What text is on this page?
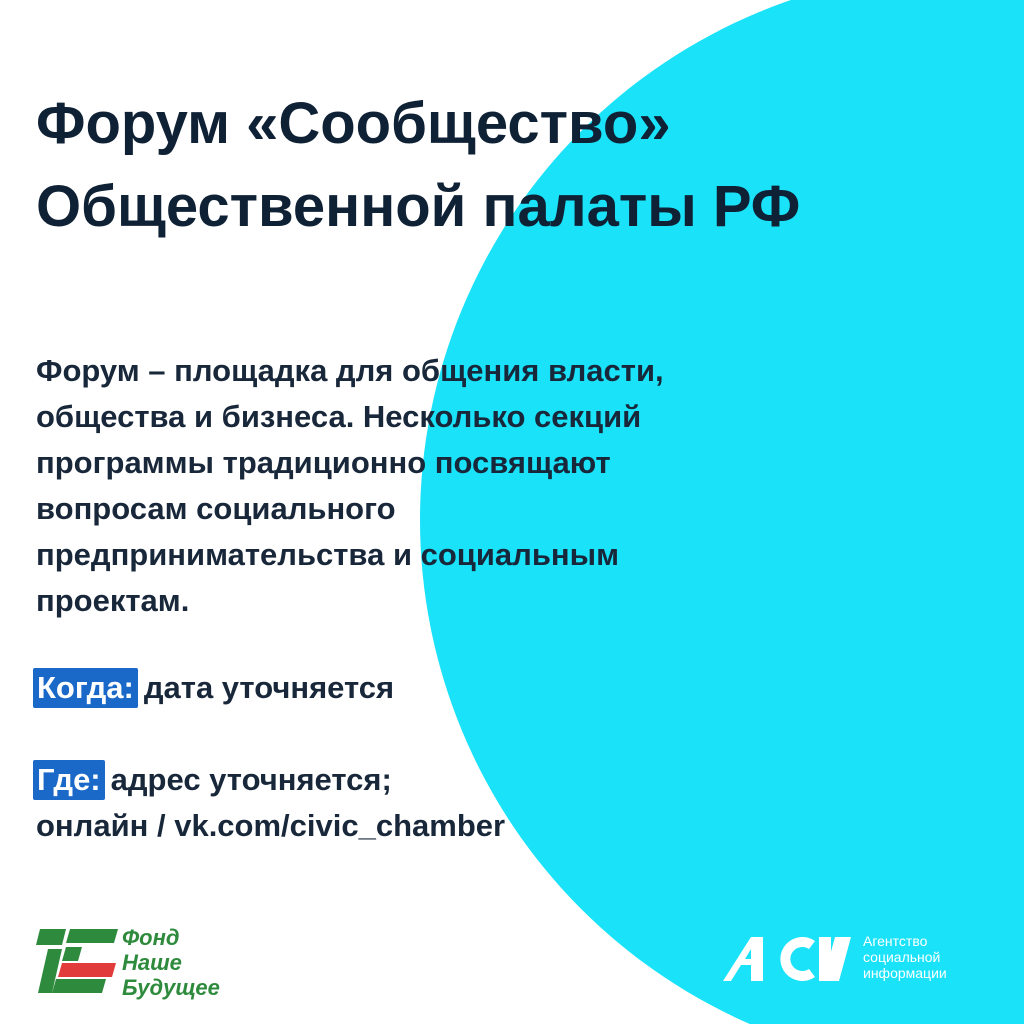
Форум «Сообщество»
Общественной палаты РФ

Форум – площадка для общения власти,
общества и бизнеса. Несколько секций
программы традиционно посвящают
вопросам социального
предпринимательства и социальным
проектам.

Когда: дата уточняется
Где: адрес уточняется;
онлайн / vk.com/civic_chamber
Фонд
Наше
Будущее
Агентство
социальной
информации
